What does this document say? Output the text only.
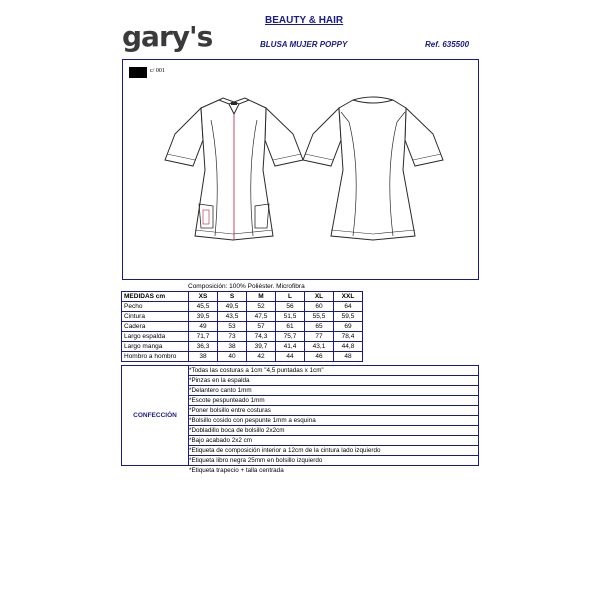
gary's	BEAUTY & HAIR
BLUSA MUJER POPPY	Ref. 635500
c/ 001
Composición: 100% Poliéster. Microfibra
MEDIDAS cm	XS	S	M	L	XL	XXL
Pecho	45,5	49,5	52	56	60	64
Cintura	39,5	43,5	47,5	51,5	55,5	59,5
Cadera	49	53	57	61	65	69
Largo espalda	71,7	73	74,3	75,7	77	78,4
Largo manga	36,3	38	39,7	41,4	43,1	44,8
Hombro a hombro	38	40	42	44	46	48
CONFECCIÓN
*Todas las costuras a 1cm "4,5 puntadas x 1cm"
*Pinzas en la espalda
*Delantero canto 1mm
*Escote pespunteado 1mm
*Poner bolsillo entre costuras
*Bolsillo cosido con pespunte 1mm a esquina
*Dobladillo boca de bolsillo 2x2cm
*Bajo acabado 2x2 cm
*Etiqueta de composición interior a 12cm de la cintura lado izquierdo
*Etiqueta libro negra 25mm en bolsillo izquierdo
*Etiqueta trapecio + talla centrada
